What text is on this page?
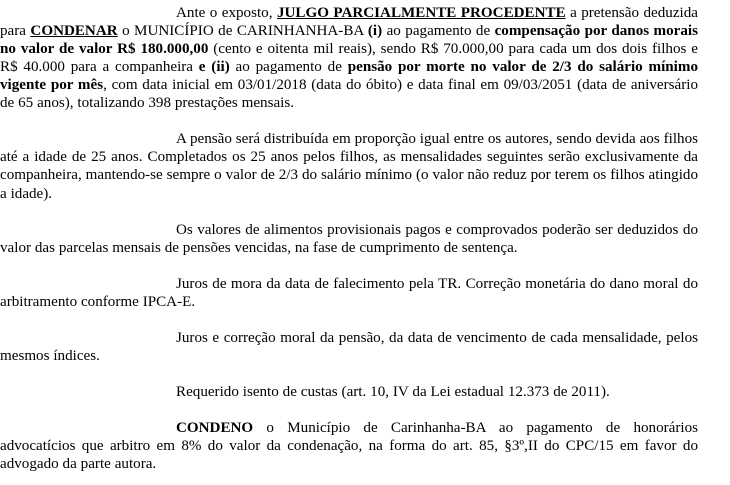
Ante o exposto, JULGO PARCIALMENTE PROCEDENTE a pretensão deduzida para CONDENAR o MUNICÍPIO de CARINHANHA-BA (i) ao pagamento de compensação por danos morais no valor de valor R$ 180.000,00 (cento e oitenta mil reais), sendo R$ 70.000,00 para cada um dos dois filhos e R$ 40.000 para a companheira e (ii) ao pagamento de pensão por morte no valor de 2/3 do salário mínimo vigente por mês, com data inicial em 03/01/2018 (data do óbito) e data final em 09/03/2051 (data de aniversário de 65 anos), totalizando 398 prestações mensais.

A pensão será distribuída em proporção igual entre os autores, sendo devida aos filhos até a idade de 25 anos. Completados os 25 anos pelos filhos, as mensalidades seguintes serão exclusivamente da companheira, mantendo-se sempre o valor de 2/3 do salário mínimo (o valor não reduz por terem os filhos atingido a idade).

Os valores de alimentos provisionais pagos e comprovados poderão ser deduzidos do valor das parcelas mensais de pensões vencidas, na fase de cumprimento de sentença.

Juros de mora da data de falecimento pela TR. Correção monetária do dano moral do arbitramento conforme IPCA-E.

Juros e correção moral da pensão, da data de vencimento de cada mensalidade, pelos mesmos índices.

Requerido isento de custas (art. 10, IV da Lei estadual 12.373 de 2011).

CONDENO o Município de Carinhanha-BA ao pagamento de honorários advocatícios que arbitro em 8% do valor da condenação, na forma do art. 85, §3º,II do CPC/15 em favor do advogado da parte autora.
